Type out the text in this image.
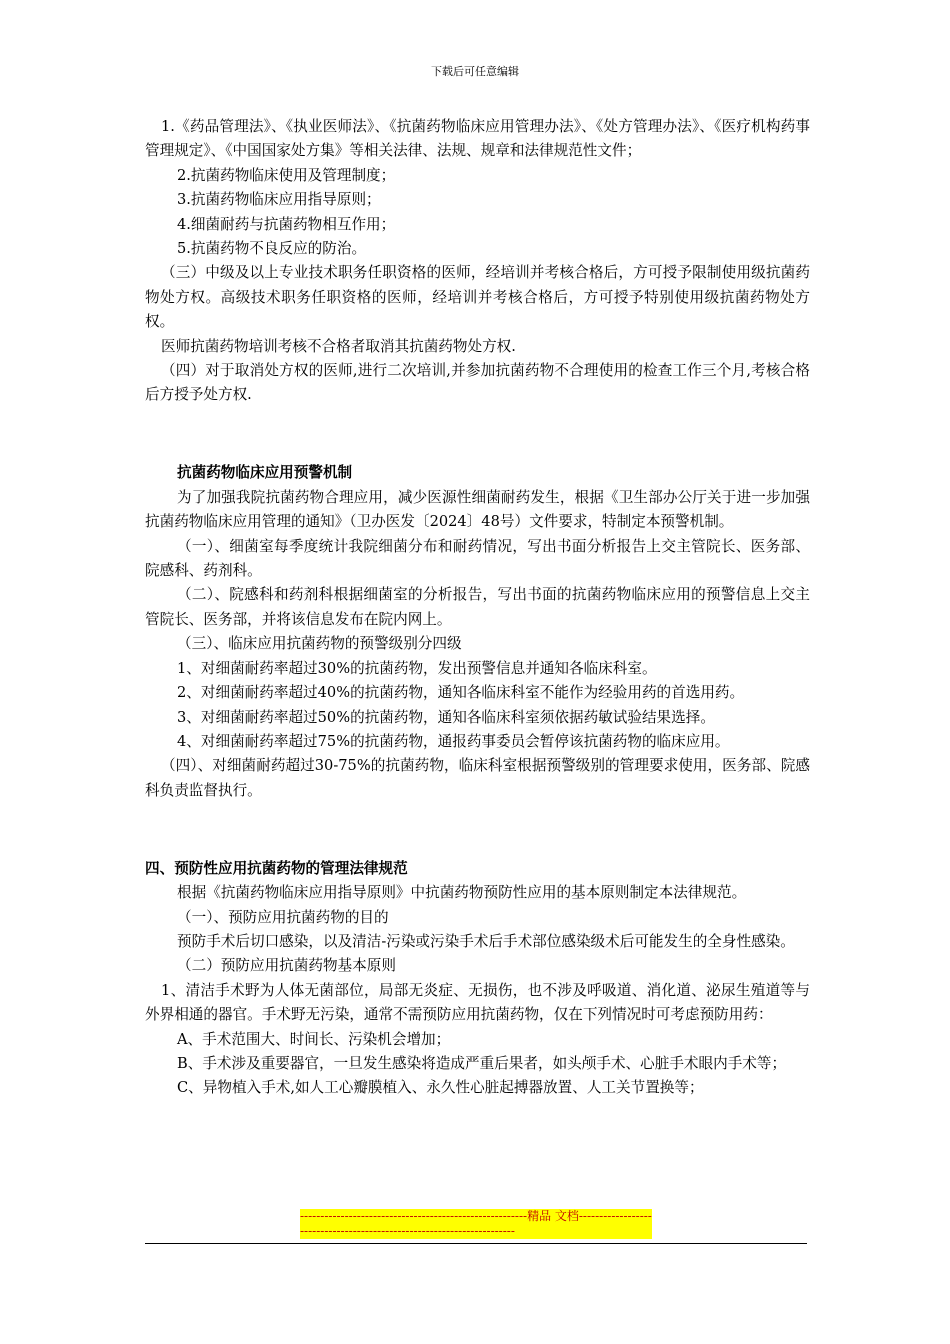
下载后可任意编辑

1.《药品管理法》、《执业医师法》、《抗菌药物临床应用管理办法》、《处方管理办法》、《医疗机构药事管理规定》、《中国国家处方集》等相关法律、法规、规章和法律规范性文件；

2.抗菌药物临床使用及管理制度；

3.抗菌药物临床应用指导原则；

4.细菌耐药与抗菌药物相互作用；

5.抗菌药物不良反应的防治。

（三）中级及以上专业技术职务任职资格的医师，经培训并考核合格后，方可授予限制使用级抗菌药物处方权。高级技术职务任职资格的医师，经培训并考核合格后，方可授予特别使用级抗菌药物处方权。

医师抗菌药物培训考核不合格者取消其抗菌药物处方权.

（四）对于取消处方权的医师,进行二次培训,并参加抗菌药物不合理使用的检查工作三个月,考核合格后方授予处方权.

抗菌药物临床应用预警机制

为了加强我院抗菌药物合理应用，减少医源性细菌耐药发生，根据《卫生部办公厅关于进一步加强抗菌药物临床应用管理的通知》（卫办医发〔2024〕48号）文件要求，特制定本预警机制。

（一）、细菌室每季度统计我院细菌分布和耐药情况，写出书面分析报告上交主管院长、医务部、院感科、药剂科。

（二）、院感科和药剂科根据细菌室的分析报告，写出书面的抗菌药物临床应用的预警信息上交主管院长、医务部，并将该信息发布在院内网上。

（三）、临床应用抗菌药物的预警级别分四级

1、对细菌耐药率超过30%的抗菌药物，发出预警信息并通知各临床科室。

2、对细菌耐药率超过40%的抗菌药物，通知各临床科室不能作为经验用药的首选用药。

3、对细菌耐药率超过50%的抗菌药物，通知各临床科室须依据药敏试验结果选择。

4、对细菌耐药率超过75%的抗菌药物，通报药事委员会暂停该抗菌药物的临床应用。

（四）、对细菌耐药超过30-75%的抗菌药物，临床科室根据预警级别的管理要求使用，医务部、院感科负责监督执行。

四、预防性应用抗菌药物的管理法律规范

根据《抗菌药物临床应用指导原则》中抗菌药物预防性应用的基本原则制定本法律规范。

（一）、预防应用抗菌药物的目的

预防手术后切口感染，以及清洁-污染或污染手术后手术部位感染级术后可能发生的全身性感染。

（二）预防应用抗菌药物基本原则

1、清洁手术野为人体无菌部位，局部无炎症、无损伤，也不涉及呼吸道、消化道、泌尿生殖道等与外界相通的器官。手术野无污染，通常不需预防应用抗菌药物，仅在下列情况时可考虑预防用药：

A、手术范围大、时间长、污染机会增加；

B、手术涉及重要器官，一旦发生感染将造成严重后果者，如头颅手术、心脏手术眼内手术等；

C、异物植入手术,如人工心瓣膜植入、永久性心脏起搏器放置、人工关节置换等；

--------------------------------------------------------精品 文档-----------------------------------------------------------------------
